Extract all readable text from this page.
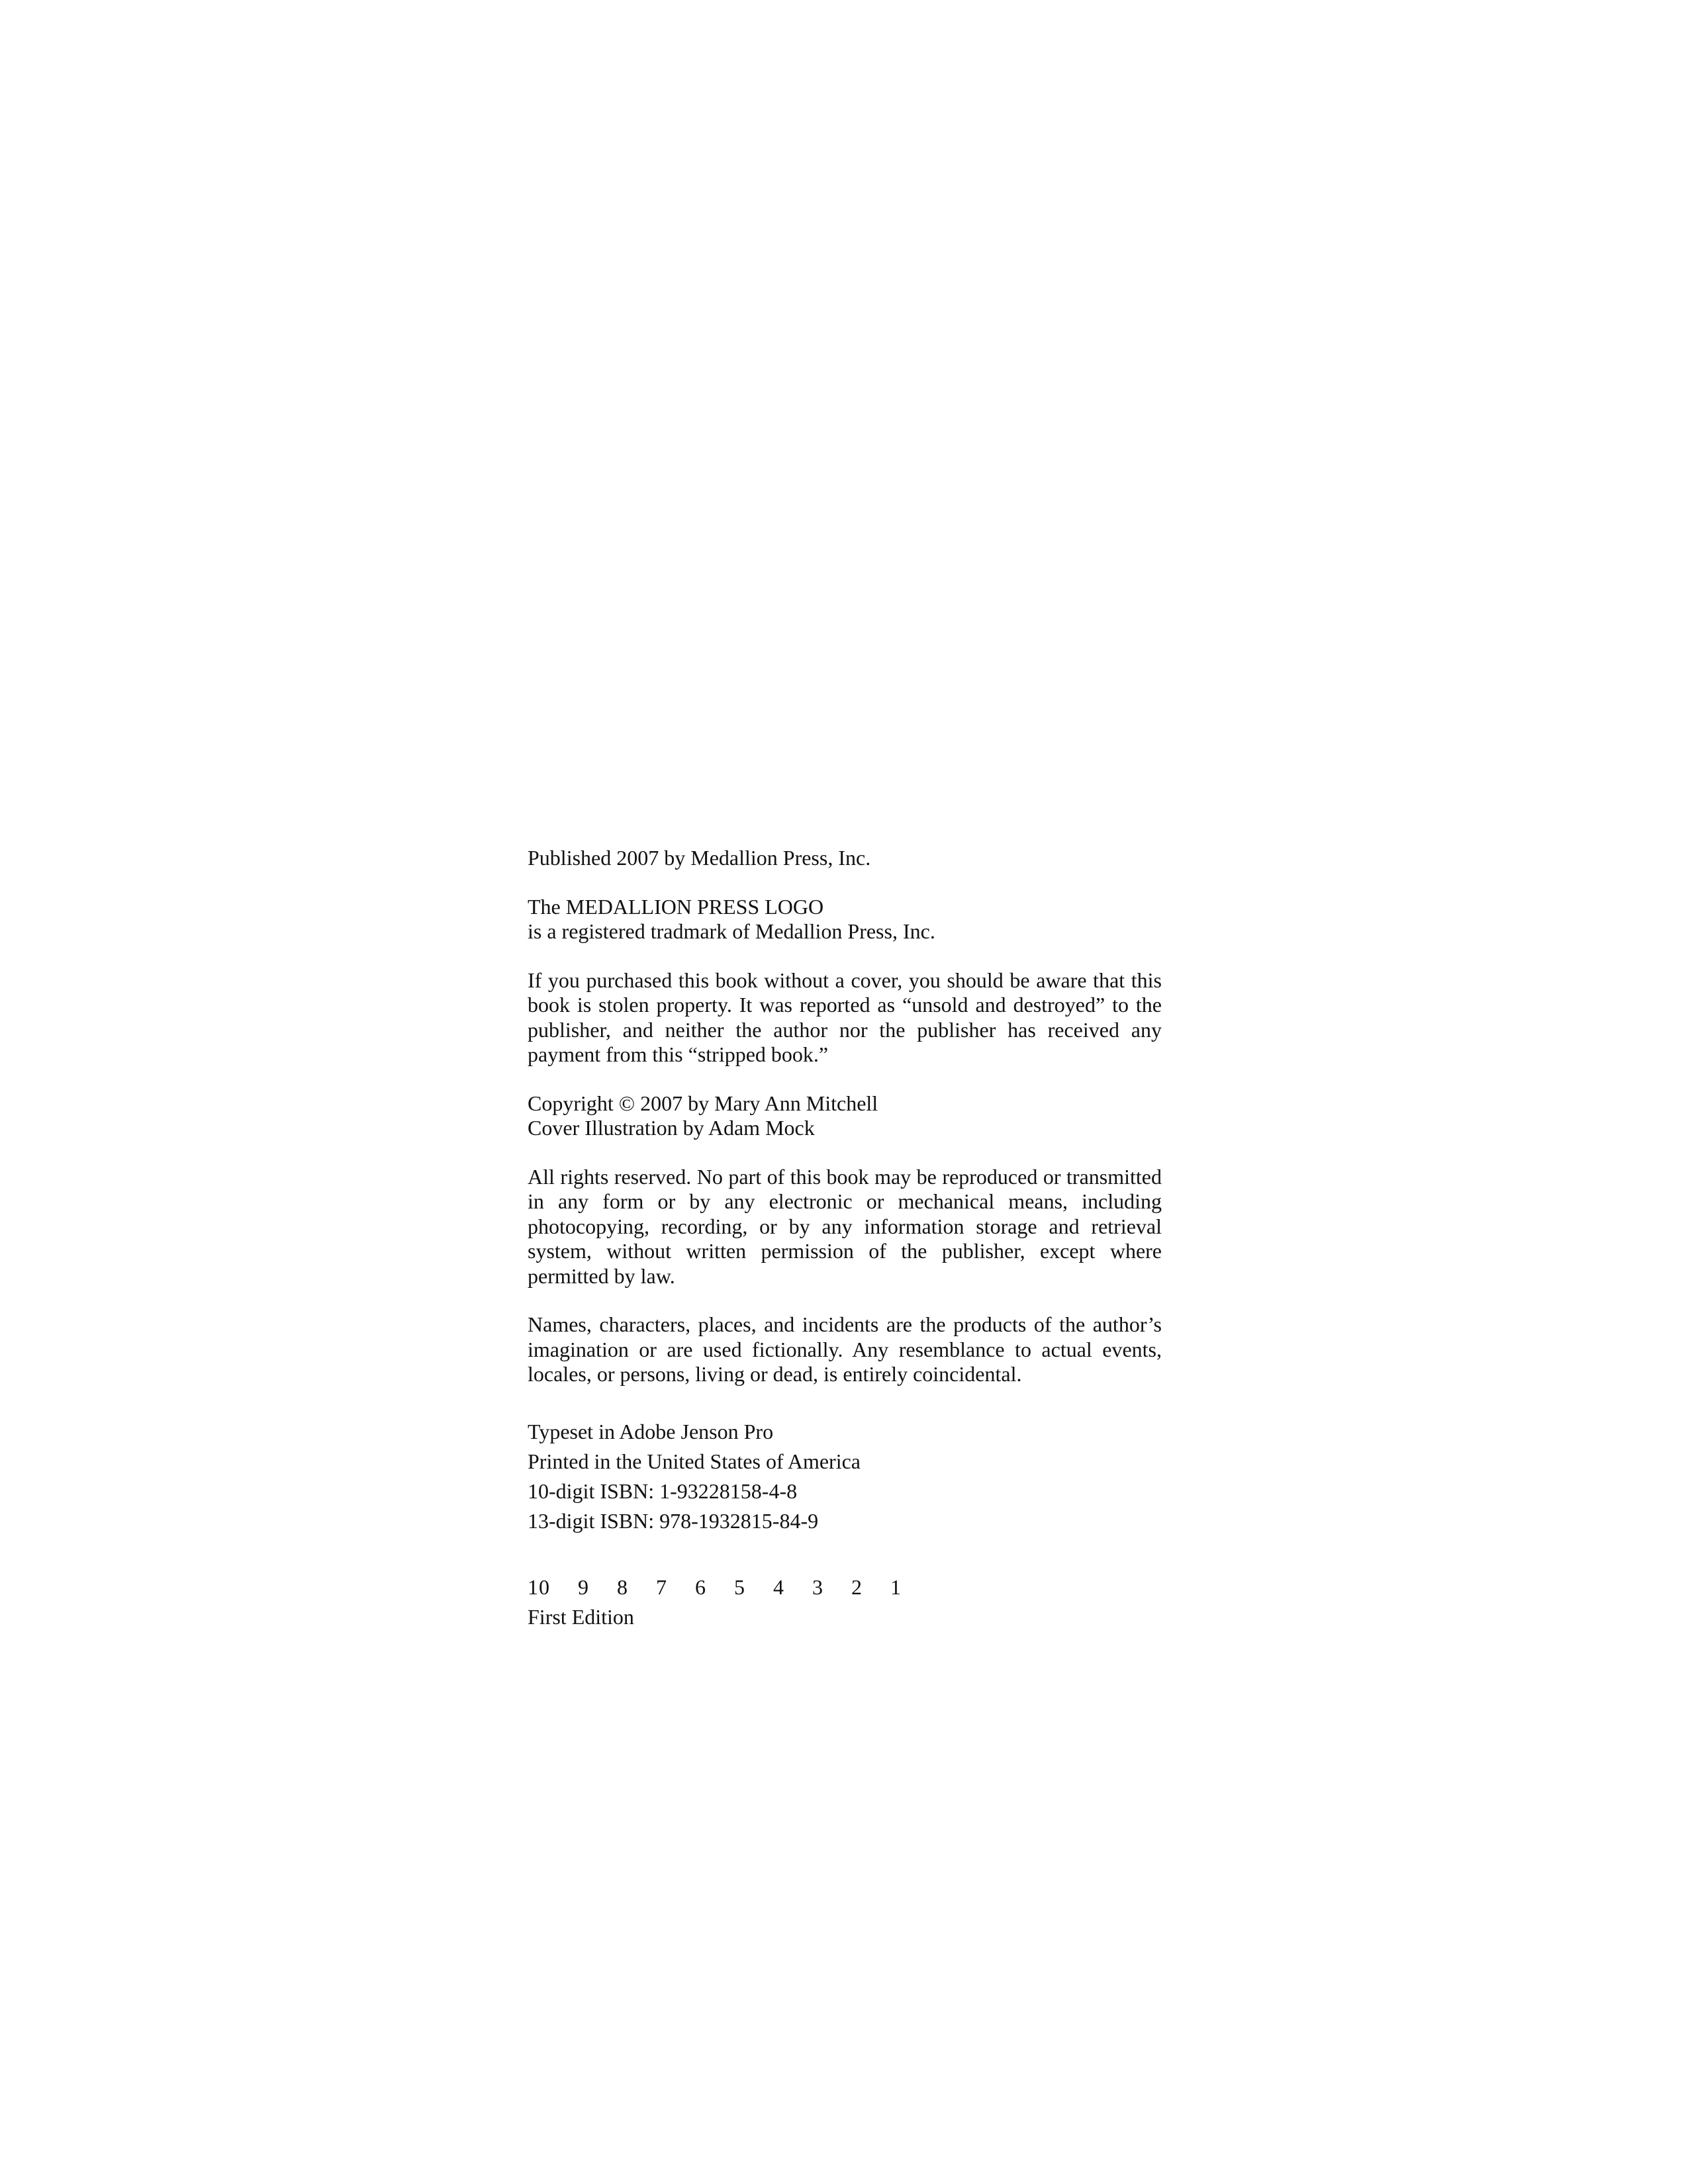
Published 2007 by Medallion Press, Inc.
The MEDALLION PRESS LOGO
is a registered tradmark of Medallion Press, Inc.
If you purchased this book without a cover, you should be aware that this book is stolen property. It was reported as “unsold and destroyed” to the publisher, and neither the author nor the publisher has received any payment from this “stripped book.”
Copyright © 2007 by Mary Ann Mitchell
Cover Illustration by Adam Mock
All rights reserved. No part of this book may be reproduced or transmitted in any form or by any electronic or mechanical means, including photocopying, recording, or by any information storage and retrieval system, without written permission of the publisher, except where permitted by law.
Names, characters, places, and incidents are the products of the author’s imagination or are used fictionally. Any resemblance to actual events, locales, or persons, living or dead, is entirely coincidental.
Typeset in Adobe Jenson Pro
Printed in the United States of America
10-digit ISBN: 1-93228158-4-8
13-digit ISBN: 978-1932815-84-9
10  9  8  7  6  5  4  3  2  1
First Edition
